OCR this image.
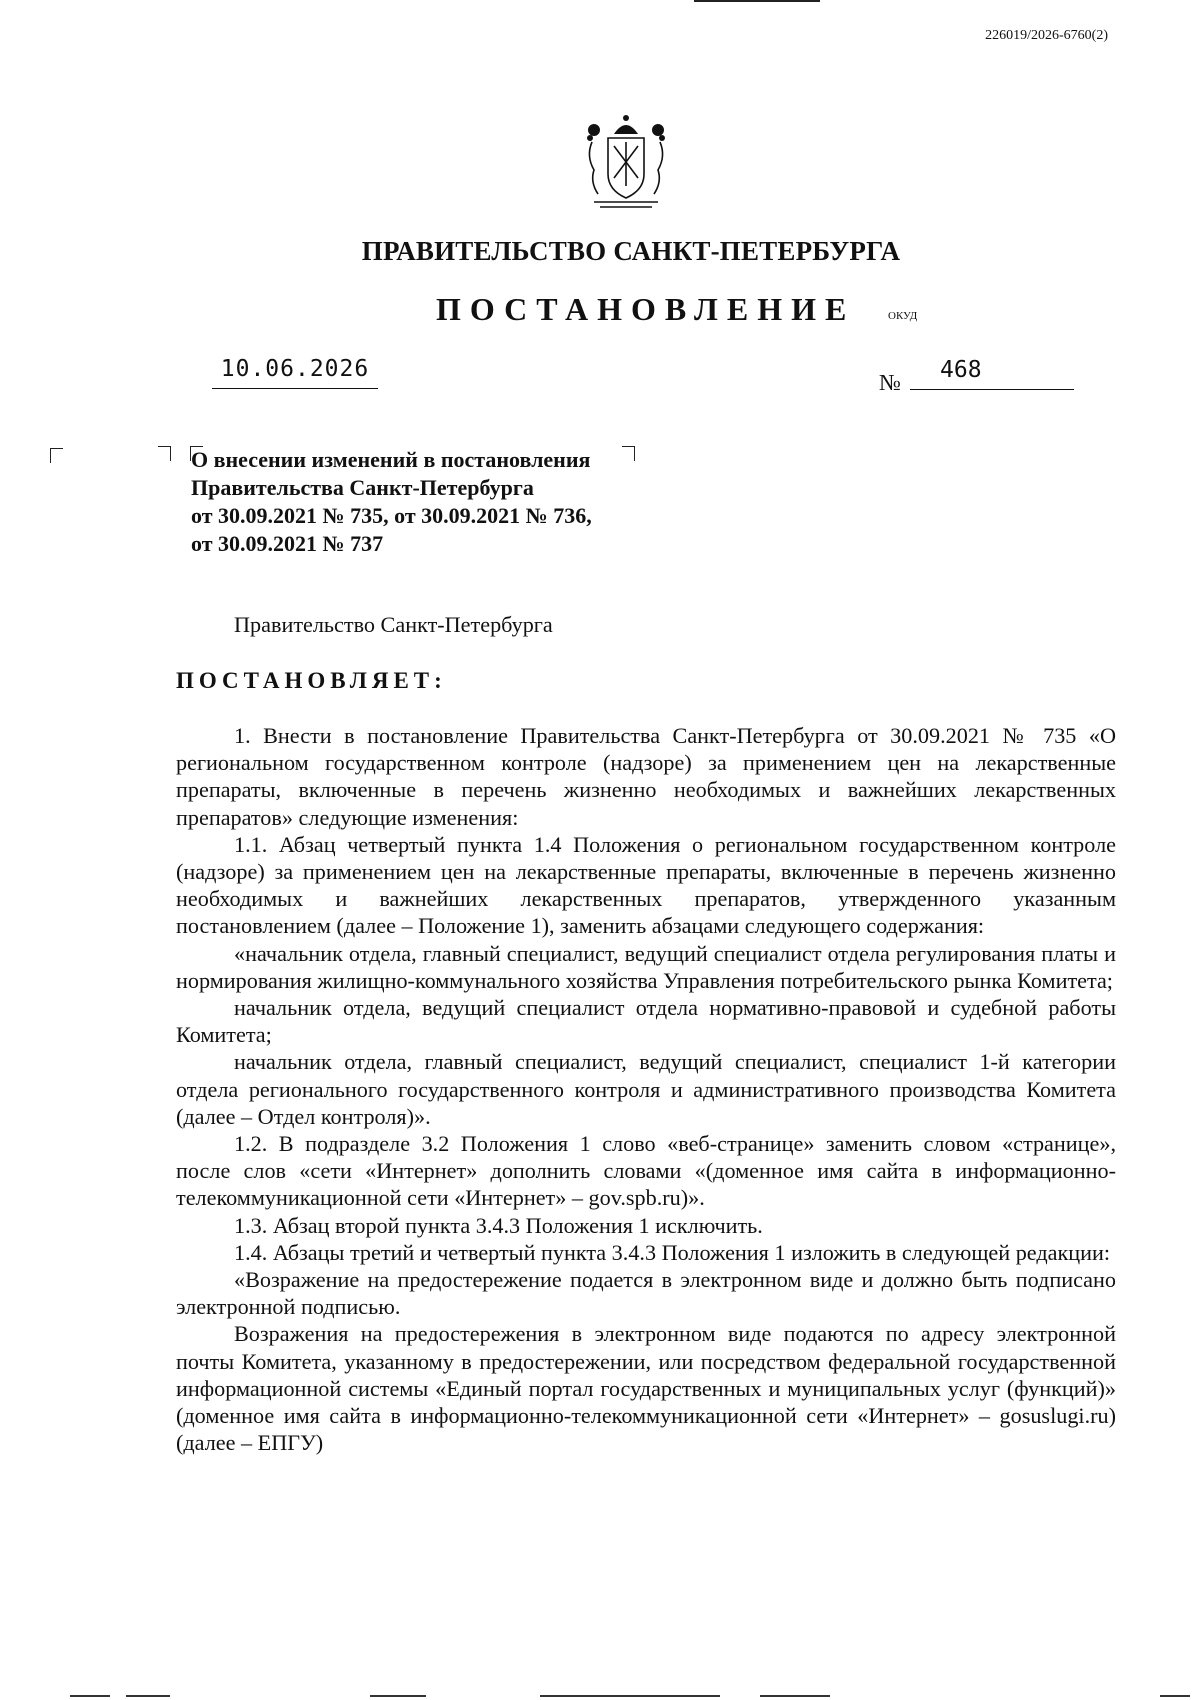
226019/2026-6760(2)
ПРАВИТЕЛЬСТВО САНКТ-ПЕТЕРБУРГА
ПОСТАНОВЛЕНИЕ	ОКУД
10.06.2026
№	468
О внесении изменений в постановления
Правительства Санкт-Петербурга
от 30.09.2021 № 735, от 30.09.2021 № 736,
от 30.09.2021 № 737
Правительство Санкт-Петербурга
ПОСТАНОВЛЯЕТ:

1. Внести в постановление Правительства Санкт-Петербурга от 30.09.2021 № 735 «О региональном государственном контроле (надзоре) за применением цен на лекарственные препараты, включенные в перечень жизненно необходимых и важнейших лекарственных препаратов» следующие изменения:

1.1. Абзац четвертый пункта 1.4 Положения о региональном государственном контроле (надзоре) за применением цен на лекарственные препараты, включенные в перечень жизненно необходимых и важнейших лекарственных препаратов, утвержденного указанным постановлением (далее – Положение 1), заменить абзацами следующего содержания:

«начальник отдела, главный специалист, ведущий специалист отдела регулирования платы и нормирования жилищно-коммунального хозяйства Управления потребительского рынка Комитета;

начальник отдела, ведущий специалист отдела нормативно-правовой и судебной работы Комитета;

начальник отдела, главный специалист, ведущий специалист, специалист 1-й категории отдела регионального государственного контроля и административного производства Комитета (далее – Отдел контроля)».

1.2. В подразделе 3.2 Положения 1 слово «веб-странице» заменить словом «странице», после слов «сети «Интернет» дополнить словами «(доменное имя сайта в информационно-телекоммуникационной сети «Интернет» – gov.spb.ru)».

1.3. Абзац второй пункта 3.4.3 Положения 1 исключить.

1.4. Абзацы третий и четвертый пункта 3.4.3 Положения 1 изложить в следующей редакции:

«Возражение на предостережение подается в электронном виде и должно быть подписано электронной подписью.

Возражения на предостережения в электронном виде подаются по адресу электронной почты Комитета, указанному в предостережении, или посредством федеральной государственной информационной системы «Единый портал государственных и муниципальных услуг (функций)» (доменное имя сайта в информационно-телекоммуникационной сети «Интернет» – gosuslugi.ru) (далее – ЕПГУ)
